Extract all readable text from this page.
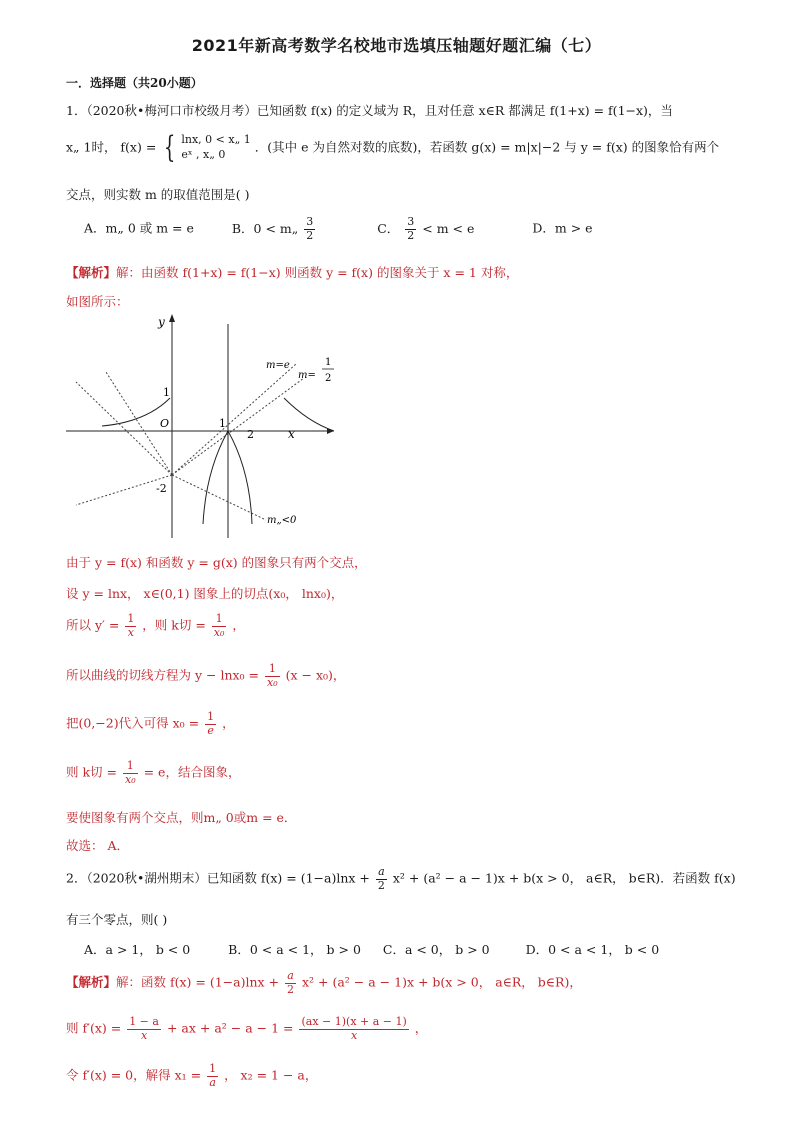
2021年新高考数学名校地市选填压轴题好题汇编（七）
一．选择题（共20小题）
1．（2020秋•梅河口市校级月考）已知函数 f(x) 的定义域为 R，且对任意 x∈R 都满足 f(1+x) = f(1−x)，当
x„ 1时， f(x) = { lnx, 0 < x„ 1
eˣ , x„ 0	．(其中 e 为自然对数的底数)，若函数 g(x) = m|x|−2 与 y = f(x) 的图象恰有两个
交点，则实数 m 的取值范围是( )
A．m„ 0 或 m = e	B．0 < m„ $\frac{3}{2}$	C． $\frac{3}{2} < m < e$	D．m > e
【解析】解：由函数 f(1+x) = f(1−x) 则函数 y = f(x) 的图象关于 x = 1 对称，
如图所示：
y
x
O
1
1
2
-2
m=e
m=
1
2
m„<0
由于 y = f(x) 和函数 y = g(x) 的图象只有两个交点，
设 y = lnx， x∈(0,1) 图象上的切点(x₀， lnx₀)，
所以 $y' = \frac{1}{x}$ ，则 k切 = $\frac{1}{\text{x₀}}$ ，
所以曲线的切线方程为 $y - \ln x_0 = \frac{1}{\text{x₀}} (x - x_0)$，
把(0,−2)代入可得 $x_0 = \frac{1}{e}$ ，
则 k切 = $\frac{1}{\text{x₀}} = e$，结合图象，
要使图象有两个交点，则m„ 0或m = e．
故选： A．
2．（2020秋•湖州期末）已知函数 $f(x) = (1-a)\ln x + \frac{a}{2} x^2 + (a^2 - a - 1)x + b(x > 0$， a∈R， b∈R)．若函数 f(x)
有三个零点，则( )
A．a > 1， b < 0	B．0 < a < 1， b > 0 C．a < 0， b > 0	D．0 < a < 1， b < 0
【解析】解：函数 $f(x) = (1-a)\ln x + \frac{a}{2} x^2 + (a^2 - a - 1)x + b(x > 0$， a∈R， b∈R)，
则 $f'(x) = \frac{1 - a}{x}$ + ax + $a^2 - a - 1 = \frac{(ax - 1)(x + a - 1)}{x}$ ，
令 f′(x) = 0，解得 $x_1 = \frac{1}{a}$ ， x₂ = 1 − a，
